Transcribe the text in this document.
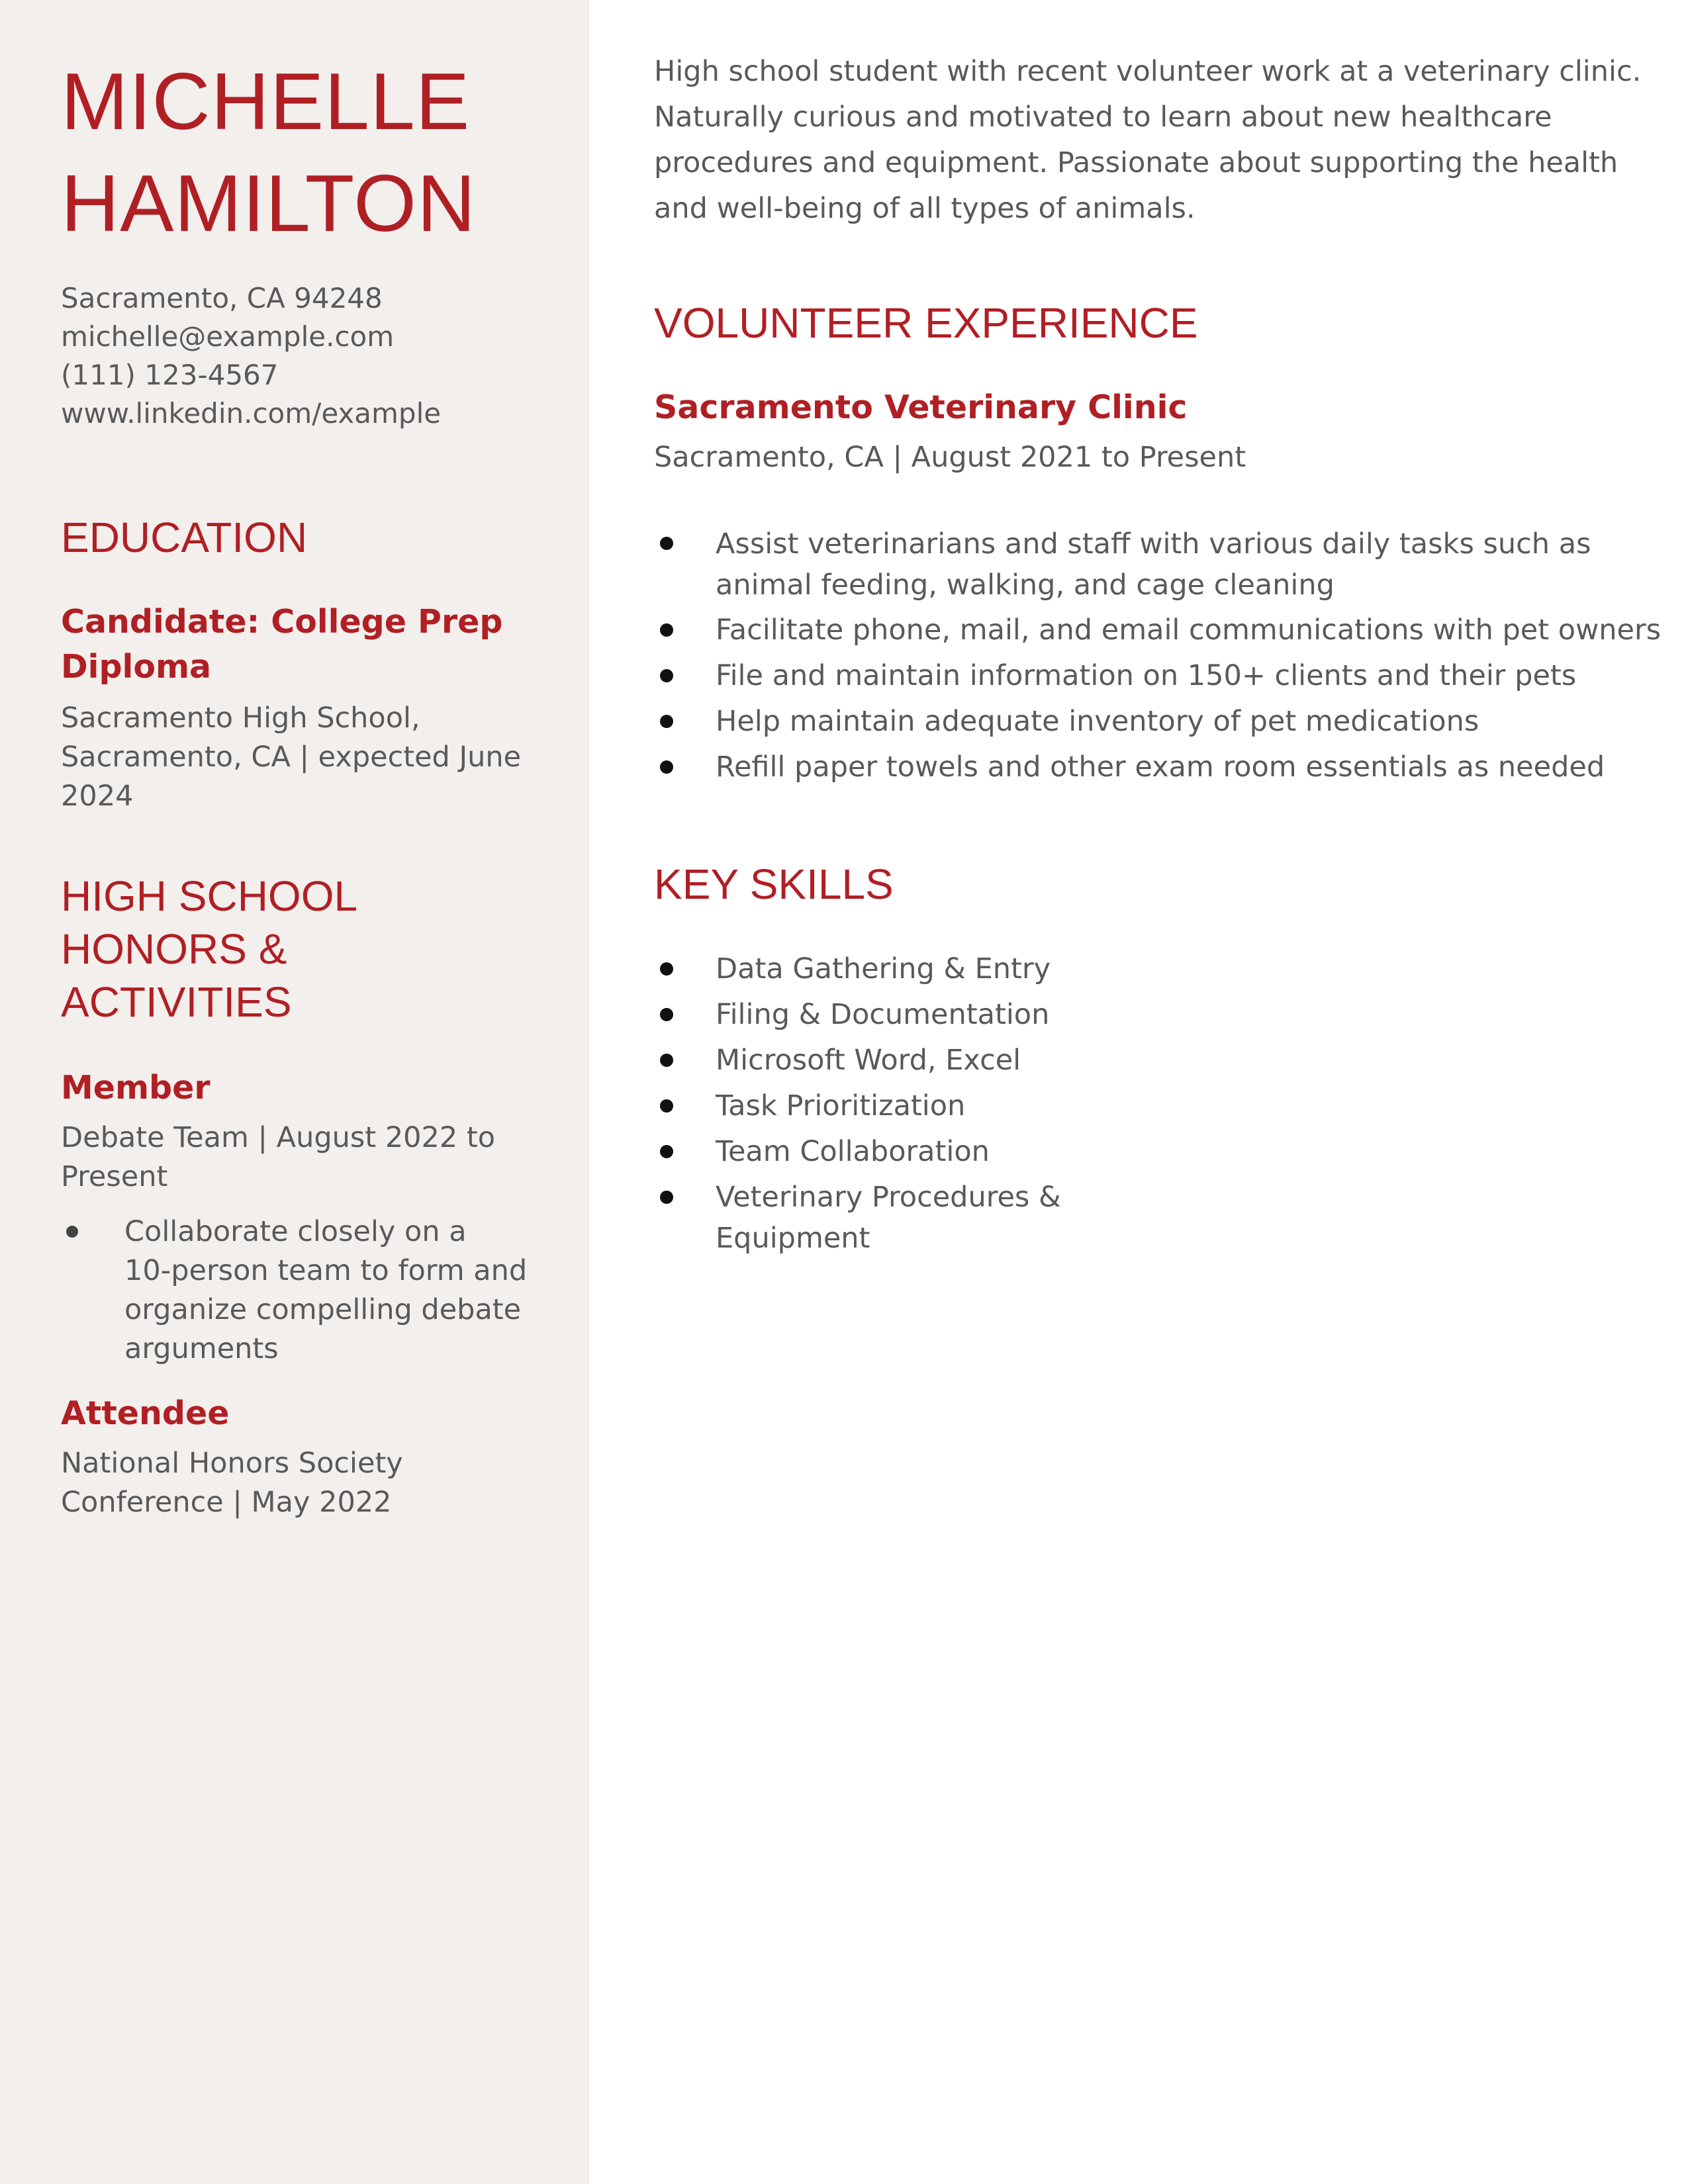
MICHELLE
HAMILTON
Sacramento, CA 94248
michelle@example.com
(111) 123-4567
www.linkedin.com/example
EDUCATION
Candidate: College Prep
Diploma
Sacramento High School,
Sacramento, CA | expected June
2024
HIGH SCHOOL
HONORS &
ACTIVITIES
Member
Debate Team | August 2022 to
Present
Collaborate closely on a
10-person team to form and
organize compelling debate
arguments
Attendee
National Honors Society
Conference | May 2022
High school student with recent volunteer work at a veterinary clinic.
Naturally curious and motivated to learn about new healthcare
procedures and equipment. Passionate about supporting the health
and well-being of all types of animals.
VOLUNTEER EXPERIENCE
Sacramento Veterinary Clinic
Sacramento, CA | August 2021 to Present
Assist veterinarians and staff with various daily tasks such as
animal feeding, walking, and cage cleaning
Facilitate phone, mail, and email communications with pet owners
File and maintain information on 150+ clients and their pets
Help maintain adequate inventory of pet medications
Refill paper towels and other exam room essentials as needed
KEY SKILLS
Data Gathering & Entry
Filing & Documentation
Microsoft Word, Excel
Task Prioritization
Team Collaboration
Veterinary Procedures &
Equipment
